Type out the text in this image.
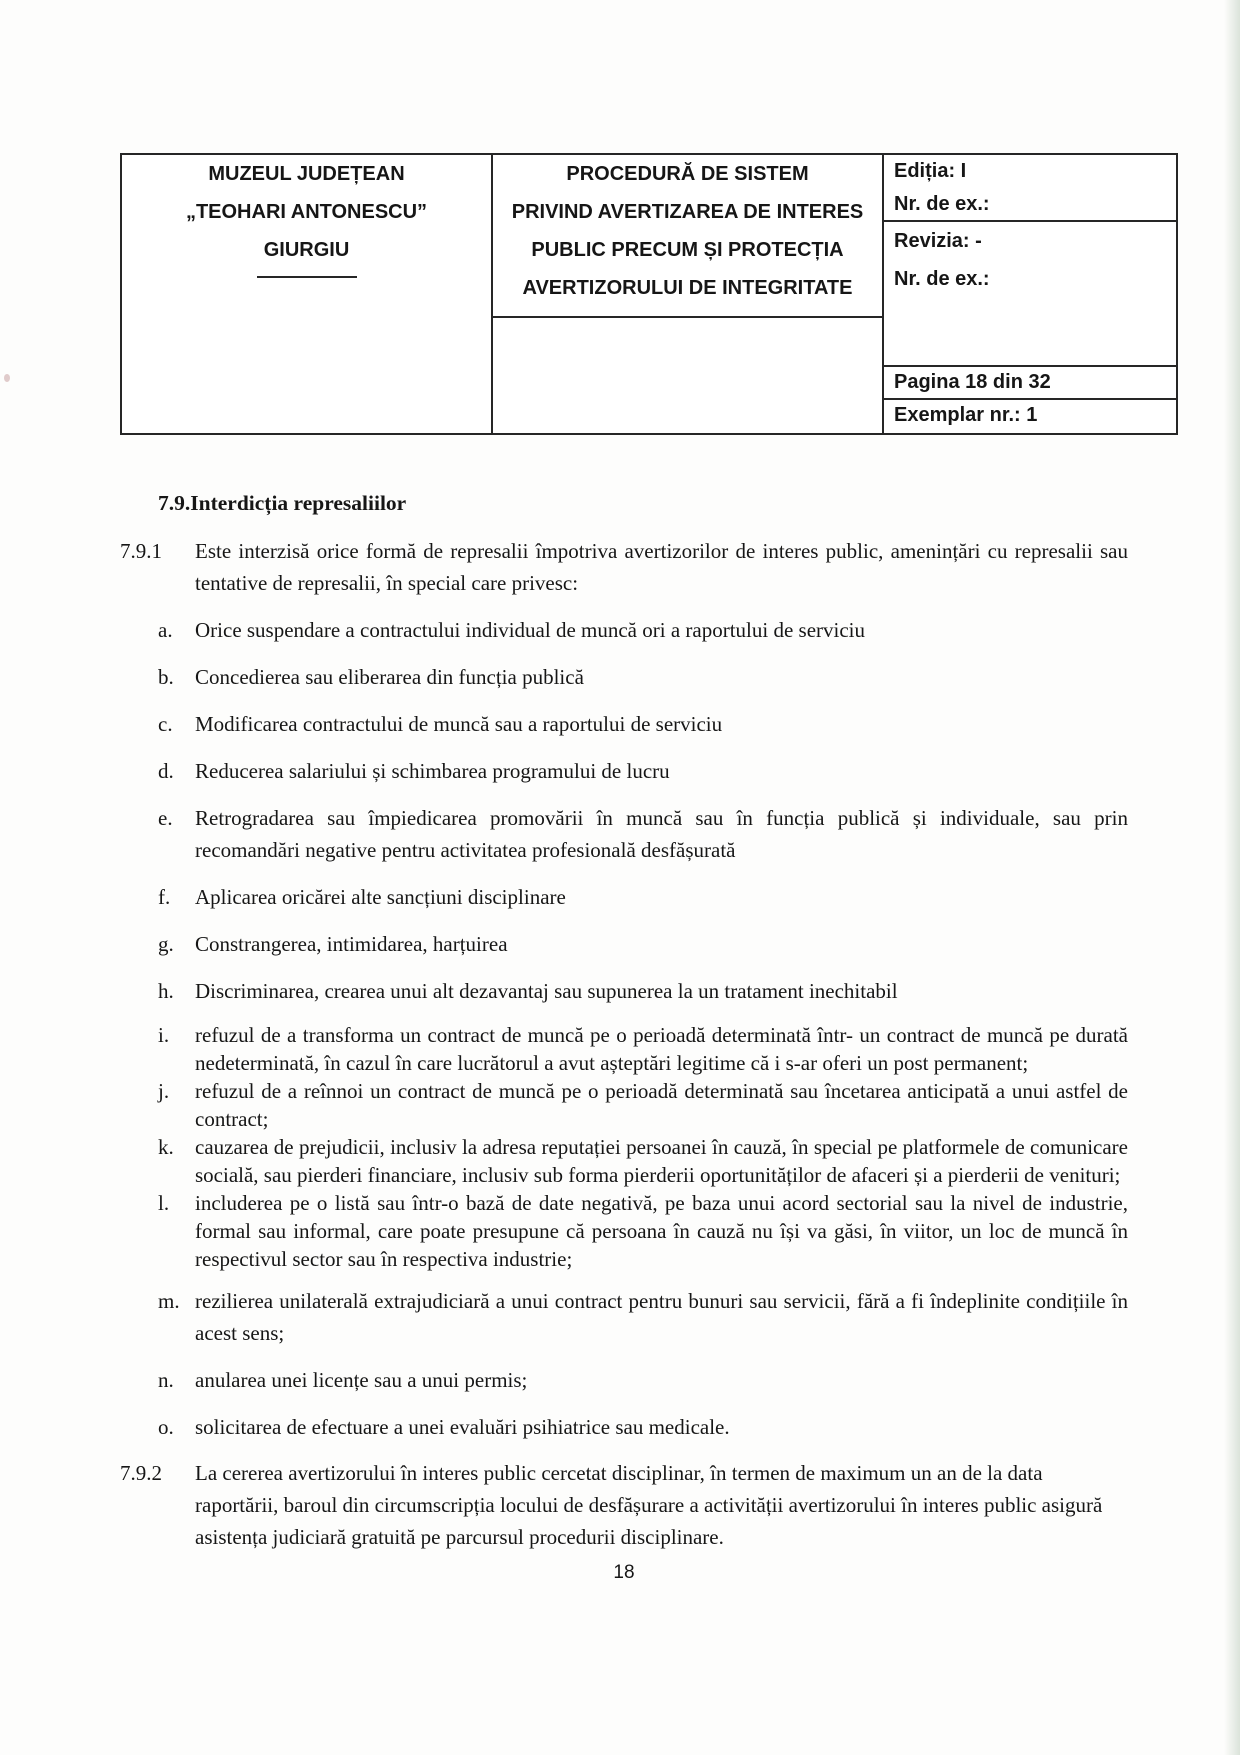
MUZEUL JUDEȚEAN
„TEOHARI ANTONESCU”
GIURGIU
PROCEDURĂ DE SISTEM
PRIVIND AVERTIZAREA DE INTERES
PUBLIC PRECUM ȘI PROTECȚIA
AVERTIZORULUI DE INTEGRITATE
Ediția: I
Nr. de ex.:
Revizia: -
Nr. de ex.:
Pagina 18 din 32
Exemplar nr.: 1
7.9.Interdicția represaliilor
7.9.1 Este interzisă orice formă de represalii împotriva avertizorilor de interes public, amenințări cu represalii sau tentative de represalii, în special care privesc:
a. Orice suspendare a contractului individual de muncă ori a raportului de serviciu
b. Concedierea sau eliberarea din funcția publică
c. Modificarea contractului de muncă sau a raportului de serviciu
d. Reducerea salariului și schimbarea programului de lucru
e. Retrogradarea sau împiedicarea promovării în muncă sau în funcția publică și individuale, sau prin recomandări negative pentru activitatea profesională desfășurată
f. Aplicarea oricărei alte sancțiuni disciplinare
g. Constrangerea, intimidarea, harțuirea
h. Discriminarea, crearea unui alt dezavantaj sau supunerea la un tratament inechitabil
i. refuzul de a transforma un contract de muncă pe o perioadă determinată într- un contract de muncă pe durată nedeterminată, în cazul în care lucrătorul a avut așteptări legitime că i s-ar oferi un post permanent;
j. refuzul de a reînnoi un contract de muncă pe o perioadă determinată sau încetarea anticipată a unui astfel de contract;
k. cauzarea de prejudicii, inclusiv la adresa reputației persoanei în cauză, în special pe platformele de comunicare socială, sau pierderi financiare, inclusiv sub forma pierderii oportunităților de afaceri și a pierderii de venituri;
l. includerea pe o listă sau într-o bază de date negativă, pe baza unui acord sectorial sau la nivel de industrie, formal sau informal, care poate presupune că persoana în cauză nu își va găsi, în viitor, un loc de muncă în respectivul sector sau în respectiva industrie;
m. rezilierea unilaterală extrajudiciară a unui contract pentru bunuri sau servicii, fără a fi îndeplinite condițiile în acest sens;
n. anularea unei licențe sau a unui permis;
o. solicitarea de efectuare a unei evaluări psihiatrice sau medicale.
7.9.2 La cererea avertizorului în interes public cercetat disciplinar, în termen de maximum un an de la data raportării, baroul din circumscripția locului de desfășurare a activității avertizorului în interes public asigură asistența judiciară gratuită pe parcursul procedurii disciplinare.
18
